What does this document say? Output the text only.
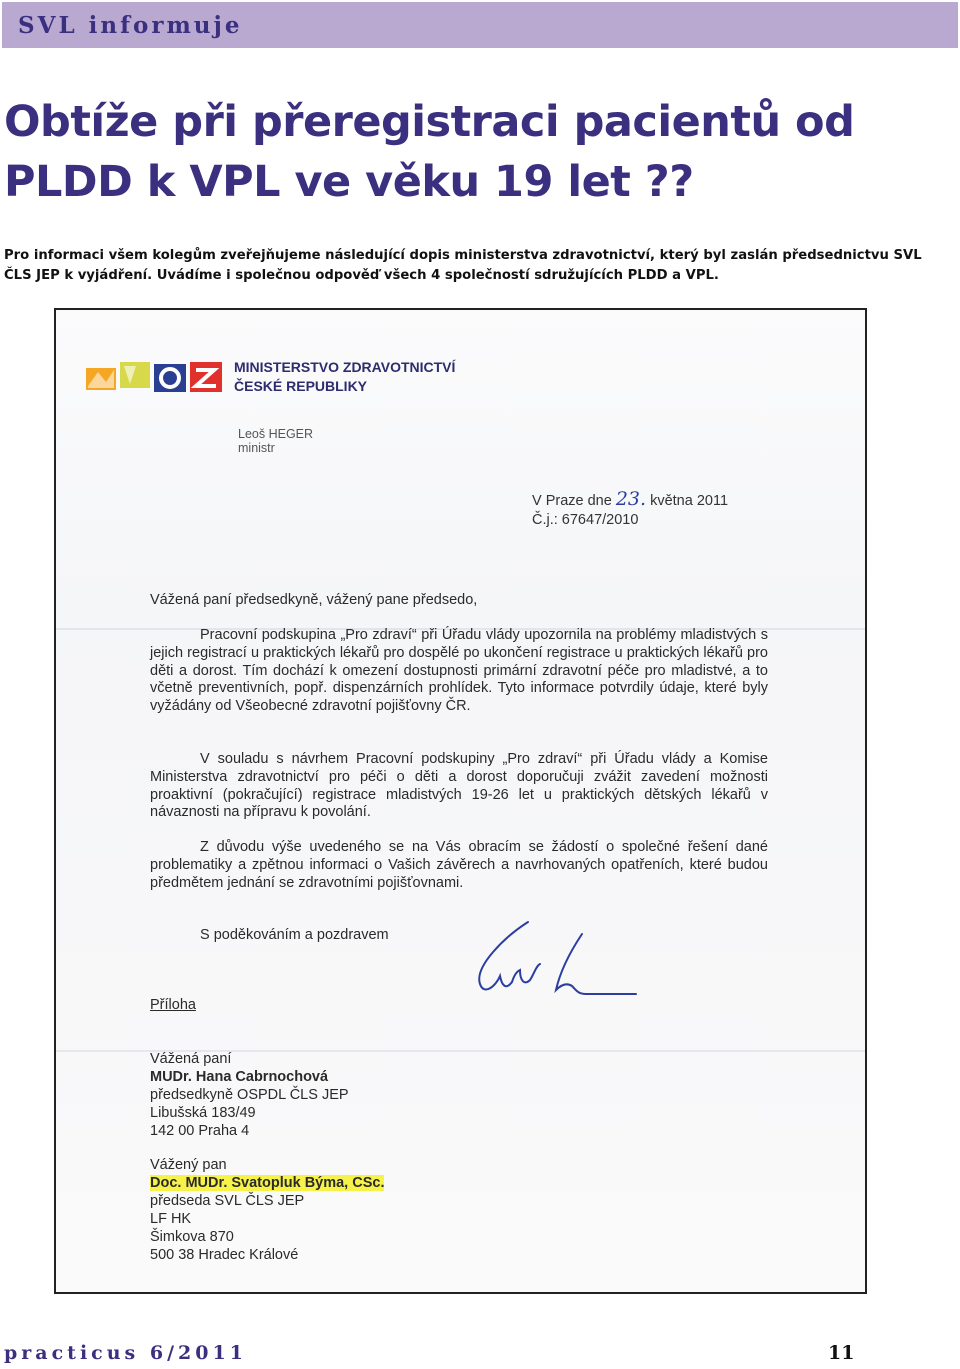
SVL informuje
Obtíže při přeregistraci pacientů od PLDD k VPL ve věku 19 let ??

Pro informaci všem kolegům zveřejňujeme následující dopis ministerstva zdravotnictví, který byl zaslán předsednictvu SVL ČLS JEP k vyjádření. Uvádíme i společnou odpověď všech 4 společností sdružujících PLDD a VPL.

MINISTERSTVO ZDRAVOTNICTVÍ
ČESKÉ REPUBLIKY
Leoš HEGER
ministr
V Praze dne 23. května 2011
Č.j.: 67647/2010
Vážená paní předsedkyně, vážený pane předsedo,
Pracovní podskupina „Pro zdraví“ při Úřadu vlády upozornila na problémy mladistvých s jejich registrací u praktických lékařů pro dospělé po ukončení registrace u praktických lékařů pro děti a dorost. Tím dochází k omezení dostupnosti primární zdravotní péče pro mladistvé, a to včetně preventivních, popř. dispenzárních prohlídek. Tyto informace potvrdily údaje, které byly vyžádány od Všeobecné zdravotní pojišťovny ČR.
V souladu s návrhem Pracovní podskupiny „Pro zdraví“ při Úřadu vlády a Komise Ministerstva zdravotnictví pro péči o děti a dorost doporučuji zvážit zavedení možnosti proaktivní (pokračující) registrace mladistvých 19-26 let u praktických dětských lékařů v návaznosti na přípravu k povolání.
Z důvodu výše uvedeného se na Vás obracím se žádostí o společné řešení dané problematiky a zpětnou informaci o Vašich závěrech a navrhovaných opatřeních, které budou předmětem jednání se zdravotními pojišťovnami.
S poděkováním a pozdravem
Příloha
Vážená paní
MUDr. Hana Cabrnochová
předsedkyně OSPDL ČLS JEP
Libušská 183/49
142 00 Praha 4
Vážený pan
Doc. MUDr. Svatopluk Býma, CSc.
předseda SVL ČLS JEP
LF HK
Šimkova 870
500 38 Hradec Králové
practicus 6/2011	11
